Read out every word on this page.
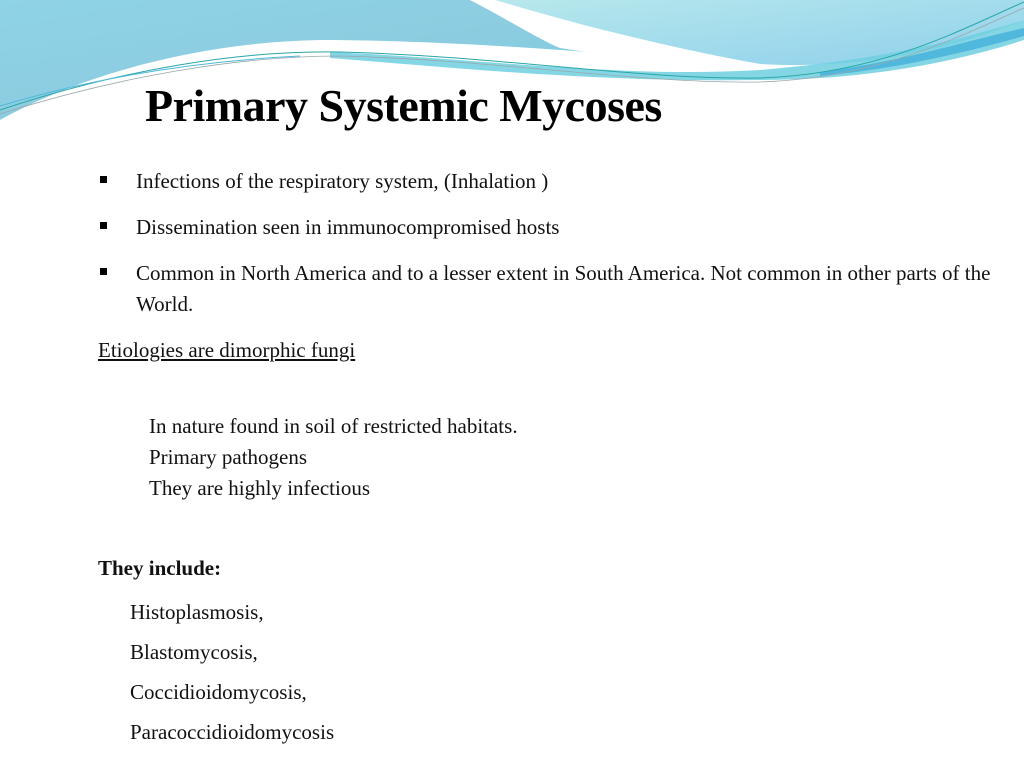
Primary Systemic Mycoses
Infections of the respiratory system, (Inhalation )
Dissemination seen in immunocompromised hosts
Common in North America and to a lesser extent in South America. Not common in other parts of the World.
Etiologies are dimorphic fungi
In nature found in soil of restricted habitats.
Primary pathogens
They are highly infectious
They include:
Histoplasmosis,
Blastomycosis,
Coccidioidomycosis,
Paracoccidioidomycosis
